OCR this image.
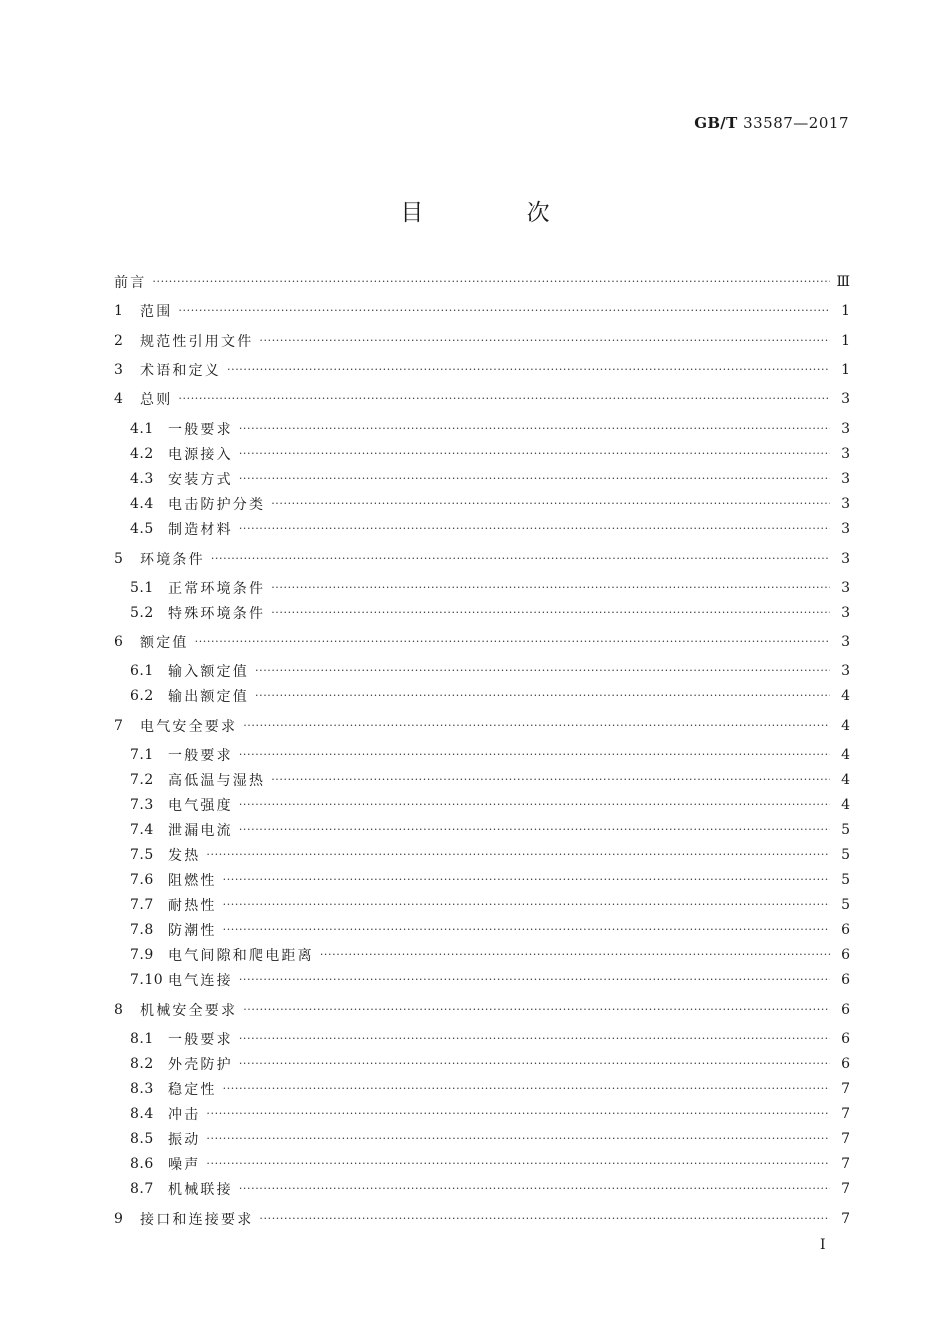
GB/T 33587—2017
目 次
前言 ·····	Ⅲ
1	范围 ·····	1
2	规范性引用文件 ·····	1
3	术语和定义 ·····	1
4	总则 ·····	3
4.1	一般要求 ·····	3
4.2	电源接入 ·····	3
4.3	安装方式 ·····	3
4.4	电击防护分类 ·····	3
4.5	制造材料 ·····	3
5	环境条件 ·····	3
5.1	正常环境条件 ·····	3
5.2	特殊环境条件 ·····	3
6	额定值 ·····	3
6.1	输入额定值 ·····	3
6.2	输出额定值 ·····	4
7	电气安全要求 ·····	4
7.1	一般要求 ·····	4
7.2	高低温与湿热 ·····	4
7.3	电气强度 ·····	4
7.4	泄漏电流 ·····	5
7.5	发热 ·····	5
7.6	阻燃性 ·····	5
7.7	耐热性 ·····	5
7.8	防潮性 ·····	6
7.9	电气间隙和爬电距离 ·····	6
7.10 电气连接 ·····	6
8	机械安全要求 ·····	6
8.1	一般要求 ·····	6
8.2	外壳防护 ·····	6
8.3	稳定性 ·····	7
8.4	冲击 ·····	7
8.5	振动 ·····	7
8.6	噪声 ·····	7
8.7	机械联接 ·····	7
9	接口和连接要求 ·····	7
Ⅰ
